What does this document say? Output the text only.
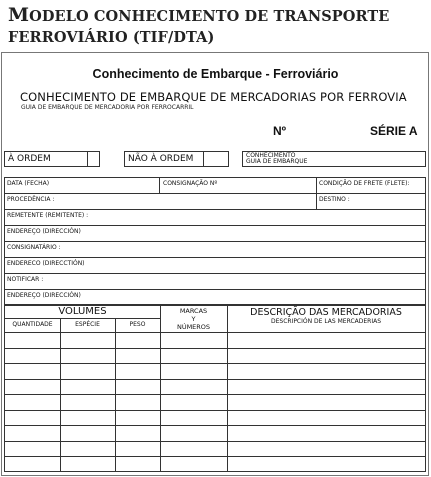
MODELO CONHECIMENTO DE TRANSPORTE
FERROVIÁRIO (TIF/DTA)
Conhecimento de Embarque - Ferroviário
CONHECIMENTO DE EMBARQUE DE MERCADORIAS POR FERROVIA
GUIA DE EMBARQUE DE MERCADORIA POR FERROCARRIL
Nº	SÉRIE A
À ORDEM	NÃO À ORDEM	CONHECIMENTO
GUIA DE EMBARQUE
DATA (FECHA)	CONSIGNAÇÃO Nº	CONDIÇÃO DE FRETE (FLETE):
PROCEDÊNCIA :	DESTINO :
REMETENTE (REMITENTE) :
ENDEREÇO (DIRECCIÓN)
CONSIGNATÁRIO :
ENDERECO (DIRECCTIÓN)
NOTIFICAR :
ENDEREÇO (DIRECCIÓN)
VOLUMES
QUANTIDADE	ESPÉCIE	PESO
MARCAS
Y
NÚMEROS
DESCRIÇÃO DAS MERCADORIAS
DESCRIPCIÓN DE LAS MERCADERIAS
